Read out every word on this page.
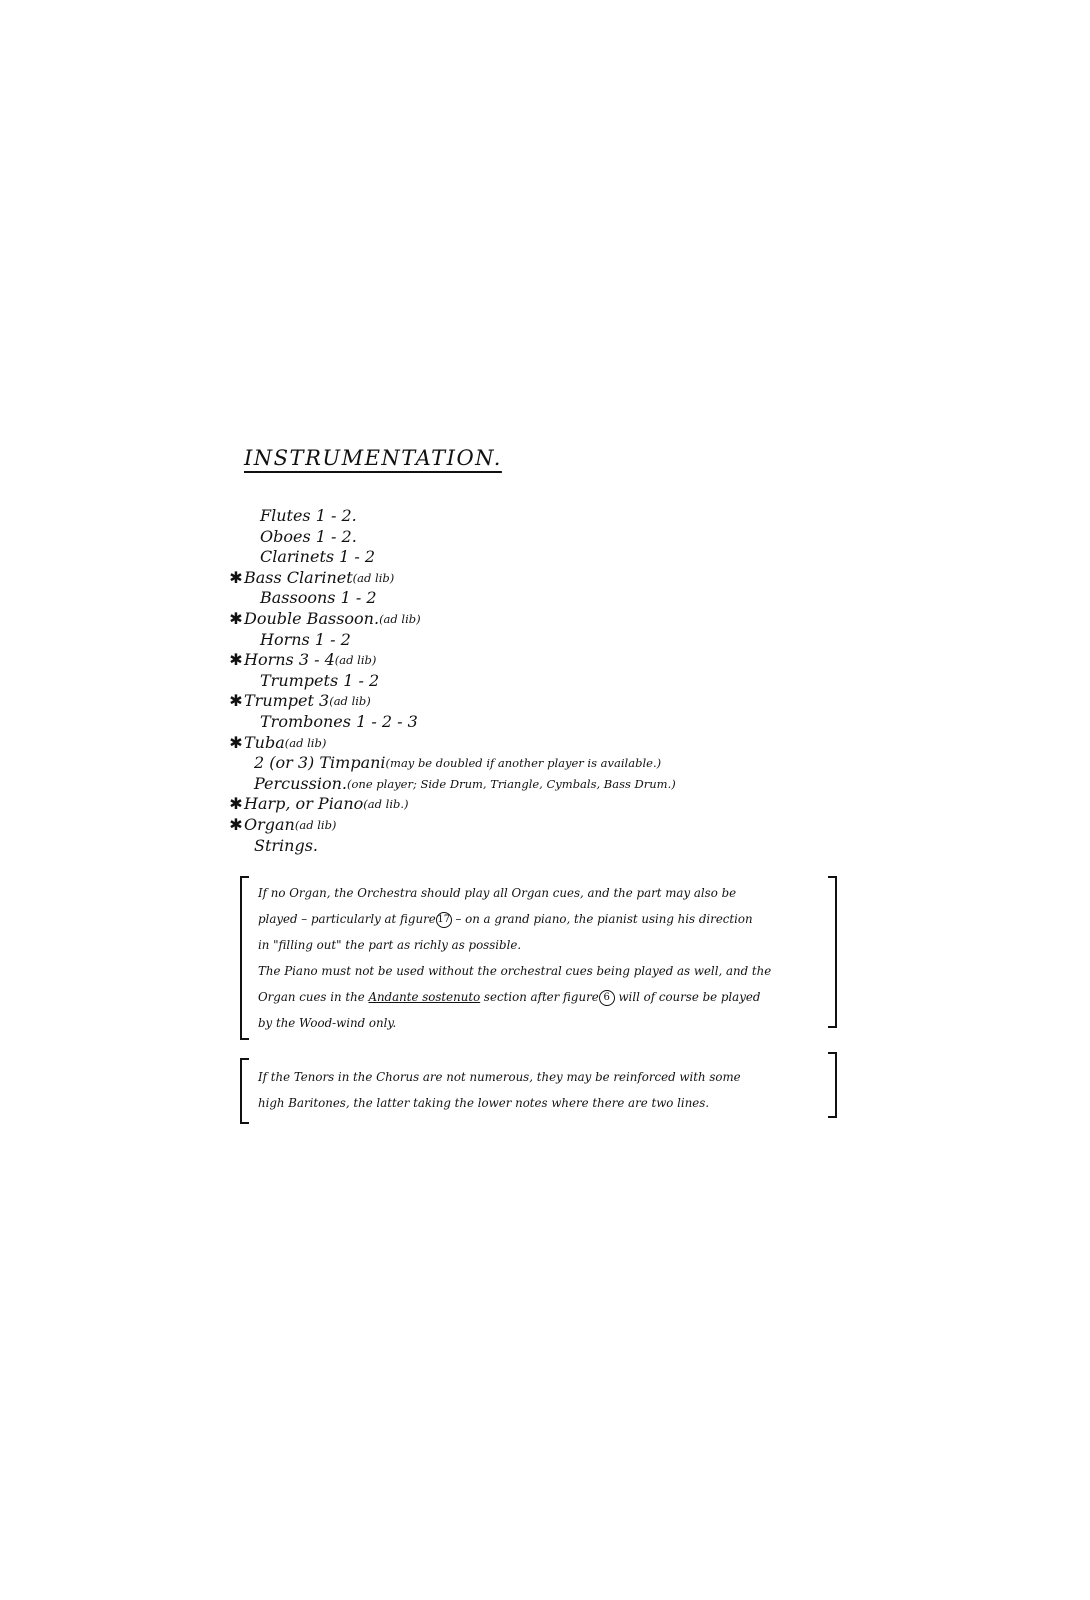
INSTRUMENTATION.
Flutes 1 - 2.
Oboes 1 - 2.
Clarinets 1 - 2
✱ Bass Clarinet (ad lib)
Bassoons 1 - 2
✱ Double Bassoon. (ad lib)
Horns 1 - 2
✱ Horns 3 - 4 (ad lib)
Trumpets 1 - 2
✱ Trumpet 3 (ad lib)
Trombones 1 - 2 - 3
✱ Tuba (ad lib)
2 (or 3) Timpani (may be doubled if another player is available.)
Percussion. (one player; Side Drum, Triangle, Cymbals, Bass Drum.)
✱ Harp, or Piano (ad lib.)
✱ Organ (ad lib)
Strings.

If no Organ, the Orchestra should play all Organ cues, and the part may also be

played – particularly at figure 17 – on a grand piano, the pianist using his direction

in "filling out" the part as richly as possible.

The Piano must not be used without the orchestral cues being played as well, and the

Organ cues in the Andante sostenuto section after figure 6 will of course be played

by the Wood-wind only.

If the Tenors in the Chorus are not numerous, they may be reinforced with some

high Baritones, the latter taking the lower notes where there are two lines.
